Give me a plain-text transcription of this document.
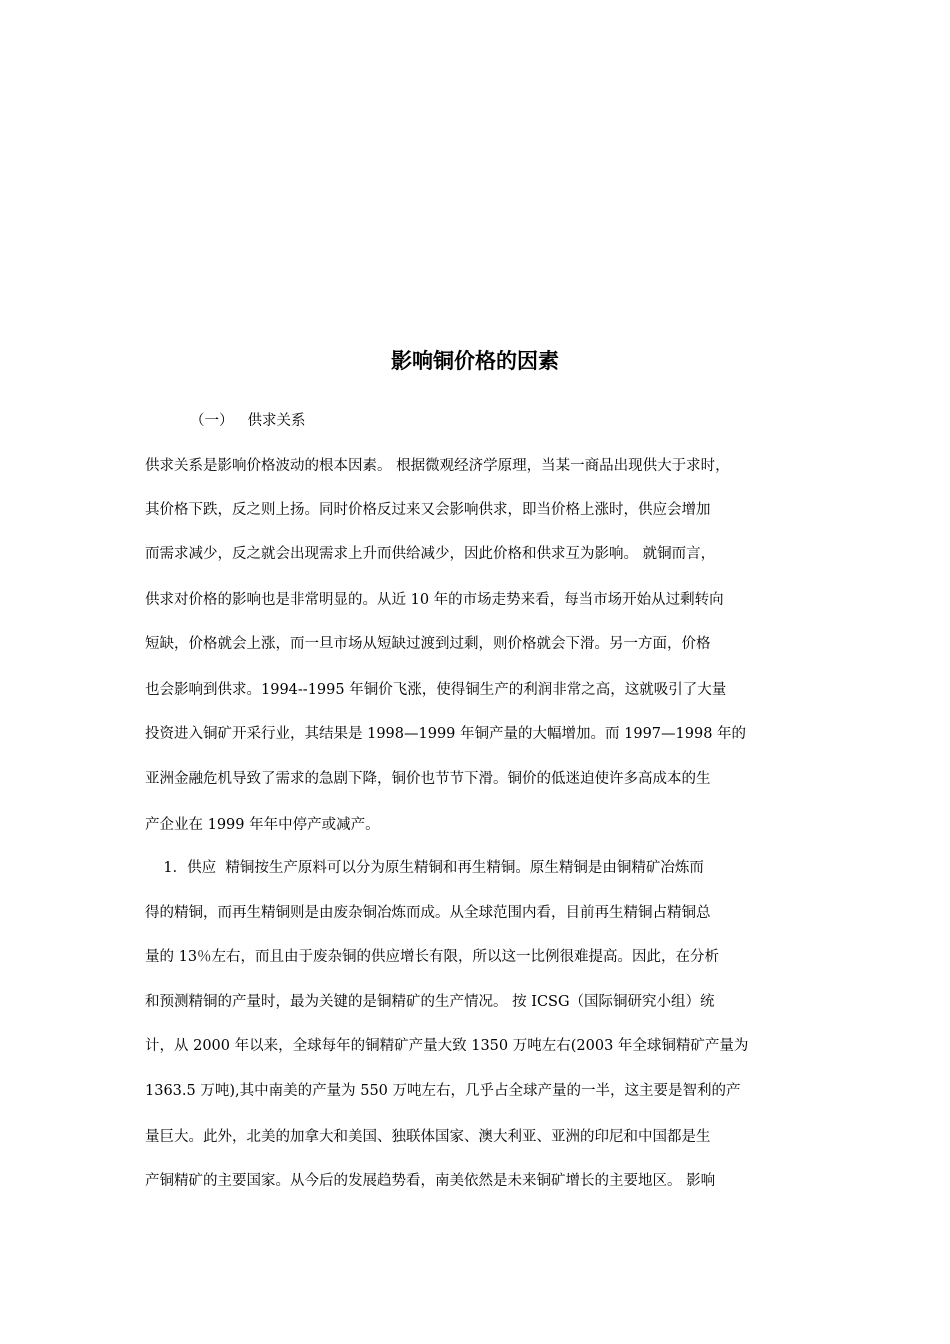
影响铜价格的因素
（一） 供求关系
供求关系是影响价格波动的根本因素。 根据微观经济学原理，当某一商品出现供大于求时，
其价格下跌，反之则上扬。同时价格反过来又会影响供求，即当价格上涨时，供应会增加
而需求减少，反之就会出现需求上升而供给减少，因此价格和供求互为影响。 就铜而言，
供求对价格的影响也是非常明显的。从近 10 年的市场走势来看，每当市场开始从过剩转向
短缺，价格就会上涨，而一旦市场从短缺过渡到过剩，则价格就会下滑。另一方面，价格
也会影响到供求。1994--1995 年铜价飞涨，使得铜生产的利润非常之高，这就吸引了大量
投资进入铜矿开采行业，其结果是 1998—1999 年铜产量的大幅增加。而 1997—1998 年的
亚洲金融危机导致了需求的急剧下降，铜价也节节下滑。铜价的低迷迫使许多高成本的生
产企业在 1999 年年中停产或减产。
1．供应  精铜按生产原料可以分为原生精铜和再生精铜。原生精铜是由铜精矿冶炼而
得的精铜，而再生精铜则是由废杂铜冶炼而成。从全球范围内看，目前再生精铜占精铜总
量的 13％左右，而且由于废杂铜的供应增长有限，所以这一比例很难提高。因此，在分析
和预测精铜的产量时，最为关键的是铜精矿的生产情况。 按 ICSG（国际铜研究小组）统
计，从 2000 年以来，全球每年的铜精矿产量大致 1350 万吨左右(2003 年全球铜精矿产量为
1363.5 万吨),其中南美的产量为 550 万吨左右，几乎占全球产量的一半，这主要是智利的产
量巨大。此外，北美的加拿大和美国、独联体国家、澳大利亚、亚洲的印尼和中国都是生
产铜精矿的主要国家。从今后的发展趋势看，南美依然是未来铜矿增长的主要地区。 影响
